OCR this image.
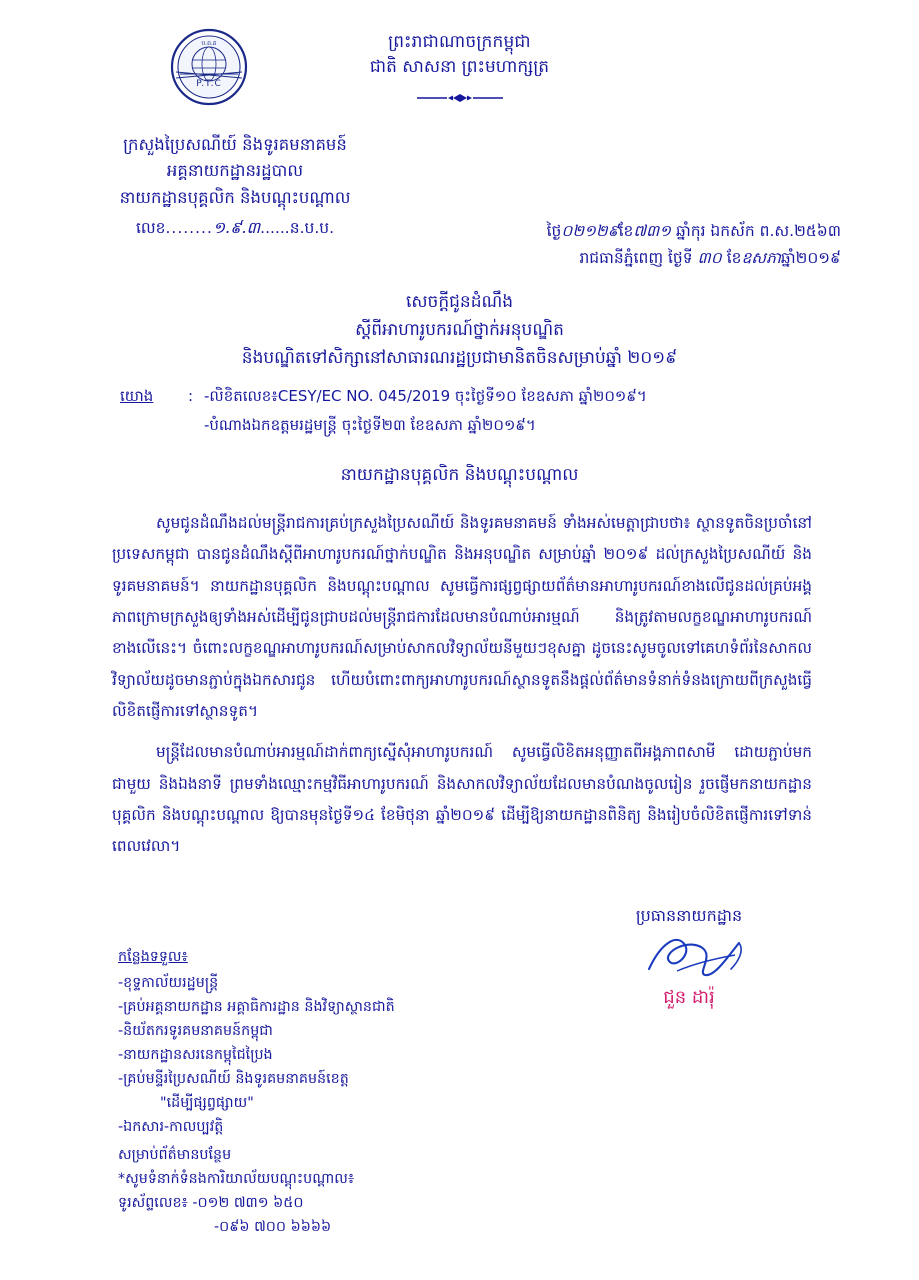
ប.ព.គ
P.T.C
ព្រះរាជាណាចក្រកម្ពុជា
ជាតិ សាសនា ព្រះមហាក្សត្រ
ក្រសួងប្រៃសណីយ៍ និងទូរគមនាគមន៍
អគ្គនាយកដ្ឋានរដ្ឋបាល
នាយកដ្ឋានបុគ្គលិក និងបណ្ដុះបណ្ដាល
លេខ........១.៩.៣......ន.ប.ប.	ថ្ងៃ០២១២៩ខែ៧៣១ ឆ្នាំកុរ ឯកស័ក ព.ស.២៥៦៣
រាជធានីភ្នំពេញ ថ្ងៃទី ៣០ ខែឧសភាឆ្នាំ២០១៩
សេចក្ដីជូនដំណឹង
ស្ដីពីអាហារូបករណ៍ថ្នាក់អនុបណ្ឌិត
និងបណ្ឌិតទៅសិក្សានៅសាធារណរដ្ឋប្រជាមានិតចិនសម្រាប់ឆ្នាំ ២០១៩
យោង : -លិខិតលេខ៖CESY/EC NO. 045/2019 ចុះថ្ងៃទី១០ ខែឧសភា ឆ្នាំ២០១៩។
-បំណាងឯកឧត្ដមរដ្ឋមន្ត្រី ចុះថ្ងៃទី២៣ ខែឧសភា ឆ្នាំ២០១៩។
នាយកដ្ឋានបុគ្គលិក និងបណ្ដុះបណ្ដាល

សូមជូនដំណឹងដល់មន្ត្រីរាជការគ្រប់ក្រសួងប្រៃសណីយ៍ និងទូរគមនាគមន៍ ទាំងអស់មេត្តាជ្រាបថា៖ ស្ថានទូតចិនប្រចាំនៅប្រទេសកម្ពុជា បានជូនដំណឹងស្ដីពីអាហារូបករណ៍ថ្នាក់បណ្ឌិត និងអនុបណ្ឌិត សម្រាប់ឆ្នាំ ២០១៩ ដល់ក្រសួងប្រៃសណីយ៍ និងទូរគមនាគមន៍។ នាយកដ្ឋានបុគ្គលិក និងបណ្ដុះបណ្ដាល សូមធ្វើការផ្សព្វផ្សាយព័ត៌មានអាហារូបករណ៍ខាងលើជូនដល់គ្រប់អង្គភាពក្រោមក្រសួងឲ្យទាំងអស់ដើម្បីជូនជ្រាបដល់មន្ត្រីរាជការដែលមានបំណាប់អារម្មណ៍ និងត្រូវតាមលក្ខខណ្ឌអាហារូបករណ៍ខាងលើនេះ។ ចំពោះលក្ខខណ្ឌអាហារូបករណ៍សម្រាប់សាកលវិទ្យាល័យនីមួយៗខុសគ្នា ដូចនេះសូមចូលទៅគេហទំព័រនៃសាកលវិទ្យាល័យដូចមានភ្ជាប់ក្នុងឯកសារជូន ហើយបំពោះពាក្យអាហារូបករណ៍ស្ថានទូតនឹងផ្ដល់ព័ត៌មានទំនាក់ទំនងក្រោយពីក្រសួងធ្វើលិខិតផ្ញើការទៅស្ថានទូត។

មន្ត្រីដែលមានបំណាប់អារម្មណ៍ដាក់ពាក្យស្នើសុំអាហារូបករណ៍ សូមធ្វើលិខិតអនុញ្ញាតពីអង្គភាពសាមី ដោយភ្ជាប់មកជាមួយ និងឯងនាទី ព្រមទាំងឈ្មោះកម្មវិធីអាហារូបករណ៍ និងសាកលវិទ្យាល័យដែលមានបំណងចូលរៀន រួចផ្ញើមកនាយកដ្ឋានបុគ្គលិក និងបណ្ដុះបណ្ដាល ឱ្យបានមុនថ្ងៃទី១៤ ខែមិថុនា ឆ្នាំ២០១៩ ដើម្បីឱ្យនាយកដ្ឋានពិនិត្យ និងរៀបចំលិខិតផ្ញើការទៅទាន់ពេលវេលា។

ប្រធាននាយកដ្ឋាន
ជួន ដារ៉ុ
កន្លែងទទួល៖
-ខុទ្ទកាល័យរដ្ឋមន្ត្រី
-គ្រប់អគ្គនាយកដ្ឋាន អគ្គាធិការដ្ឋាន និងវិទ្យាស្ថានជាតិ
-និយ័តករទូរគមនាគមន៍កម្ពុជា
-នាយកដ្ឋានសរនេកម្ពុជៃប្រៃង
-គ្រប់មន្ទីរប្រៃសណីយ៍ និងទូរគមនាគមន៍ខេត្ត
"ដើម្បីផ្សព្វផ្សាយ"
-ឯកសារ-កាលប្បវត្តិ
សម្រាប់ព័ត៌មានបន្ថែម
*សូមទំនាក់ទំនងការិយាល័យបណ្ដុះបណ្ដាល៖
ទូរស័ព្ទលេខ៖ -០១២ ៧៣១ ៦៥០
-០៩៦ ៧០០ ៦៦៦៦
